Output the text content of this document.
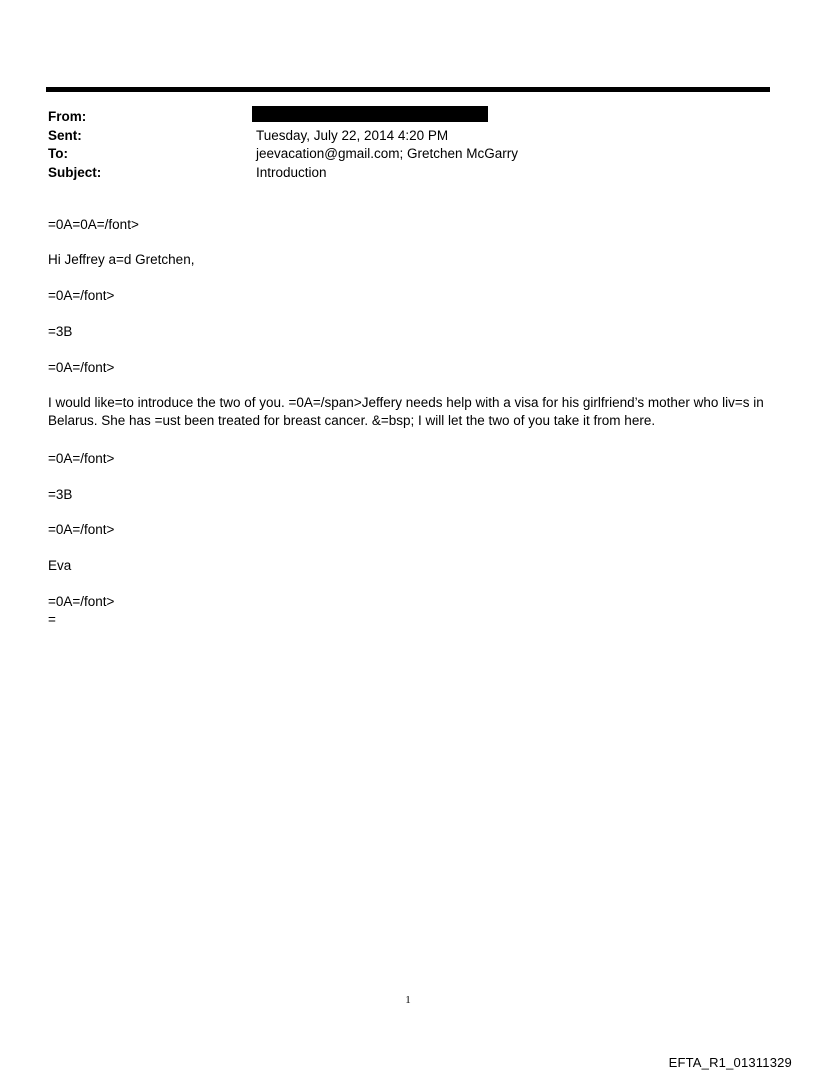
From:
Sent:	Tuesday, July 22, 2014 4:20 PM
To:	jeevacation@gmail.com; Gretchen McGarry
Subject:	Introduction
=0A=0A=/font>
Hi Jeffrey a=d Gretchen,
=0A=/font>
=3B
=0A=/font>
I would like=to introduce the two of you. =0A=/span>Jeffery needs help with a visa for his girlfriend’s mother who liv=s in Belarus. She has =ust been treated for breast cancer. &=bsp; I will let the two of you take it from here.
=0A=/font>
=3B
=0A=/font>
Eva
=0A=/font>
=
1
EFTA_R1_01311329
